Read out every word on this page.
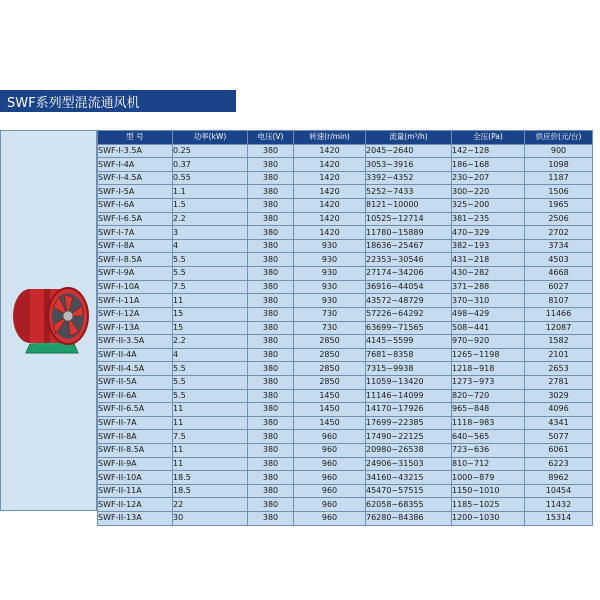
SWF系列型混流通风机
型 号	功率(kW)	电压(V)	转速(r/min)	流量(m³/h)	全压(Pa)	供应价(元/台)
SWF-I-3.5A	0.25	380	1420	2045~2640	142~128	900
SWF-I-4A	0.37	380	1420	3053~3916	186~168	1098
SWF-I-4.5A	0.55	380	1420	3392~4352	230~207	1187
SWF-I-5A	1.1	380	1420	5252~7433	300~220	1506
SWF-I-6A	1.5	380	1420	8121~10000	325~200	1965
SWF-I-6.5A	2.2	380	1420	10525~12714	381~235	2506
SWF-I-7A	3	380	1420	11780~15889	470~329	2702
SWF-I-8A	4	380	930	18636~25467	382~193	3734
SWF-I-8.5A	5.5	380	930	22353~30546	431~218	4503
SWF-I-9A	5.5	380	930	27174~34206	430~282	4668
SWF-I-10A	7.5	380	930	36916~44054	371~288	6027
SWF-I-11A	11	380	930	43572~48729	370~310	8107
SWF-I-12A	15	380	730	57226~64292	498~429	11466
SWF-I-13A	15	380	730	63699~71565	508~441	12087
SWF-II-3.5A	2.2	380	2850	4145~5599	970~920	1582
SWF-II-4A	4	380	2850	7681~8358	1265~1198	2101
SWF-II-4.5A	5.5	380	2850	7315~9938	1218~918	2653
SWF-II-5A	5.5	380	2850	11059~13420	1273~973	2781
SWF-II-6A	5.5	380	1450	11146~14099	820~720	3029
SWF-II-6.5A	11	380	1450	14170~17926	965~848	4096
SWF-II-7A	11	380	1450	17699~22385	1118~983	4341
SWF-II-8A	7.5	380	960	17490~22125	640~565	5077
SWF-II-8.5A	11	380	960	20980~26538	723~636	6061
SWF-II-9A	11	380	960	24906~31503	810~712	6223
SWF-II-10A	18.5	380	960	34160~43215	1000~879	8962
SWF-II-11A	18.5	380	960	45470~57515	1150~1010	10454
SWF-II-12A	22	380	960	62058~68355	1185~1025	11432
SWF-II-13A	30	380	960	76280~84386	1200~1030	15314
